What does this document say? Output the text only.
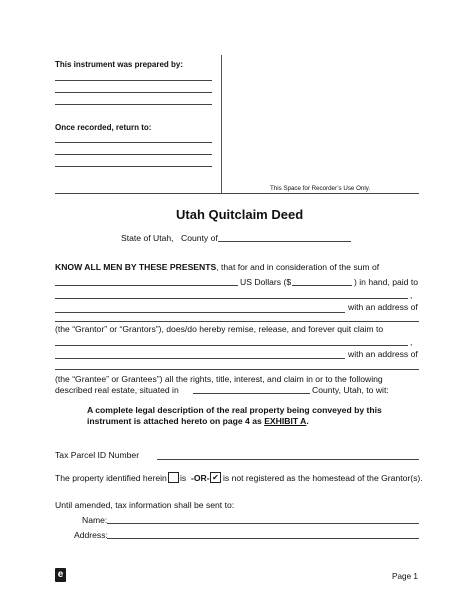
This instrument was prepared by:
Once recorded, return to:
This Space for Recorder’s Use Only.
Utah Quitclaim Deed
State of Utah, County of
KNOW ALL MEN BY THESE PRESENTS, that for and in consideration of the sum of
US Dollars ($	) in hand, paid to
,
with an address of
(the “Grantor” or “Grantors”), does/do hereby remise, release, and forever quit claim to
,
with an address of
(the “Grantee” or Grantees”) all the rights, title, interest, and claim in or to the following
described real estate, situated in	County, Utah, to wit:
A complete legal description of the real property being conveyed by this
instrument is attached hereto on page 4 as EXHIBIT A.
Tax Parcel ID Number
The property identified herein is -OR- ✔ is not registered as the homestead of the Grantor(s).
Until amended, tax information shall be sent to:
Name:
Address:
e	Page 1
